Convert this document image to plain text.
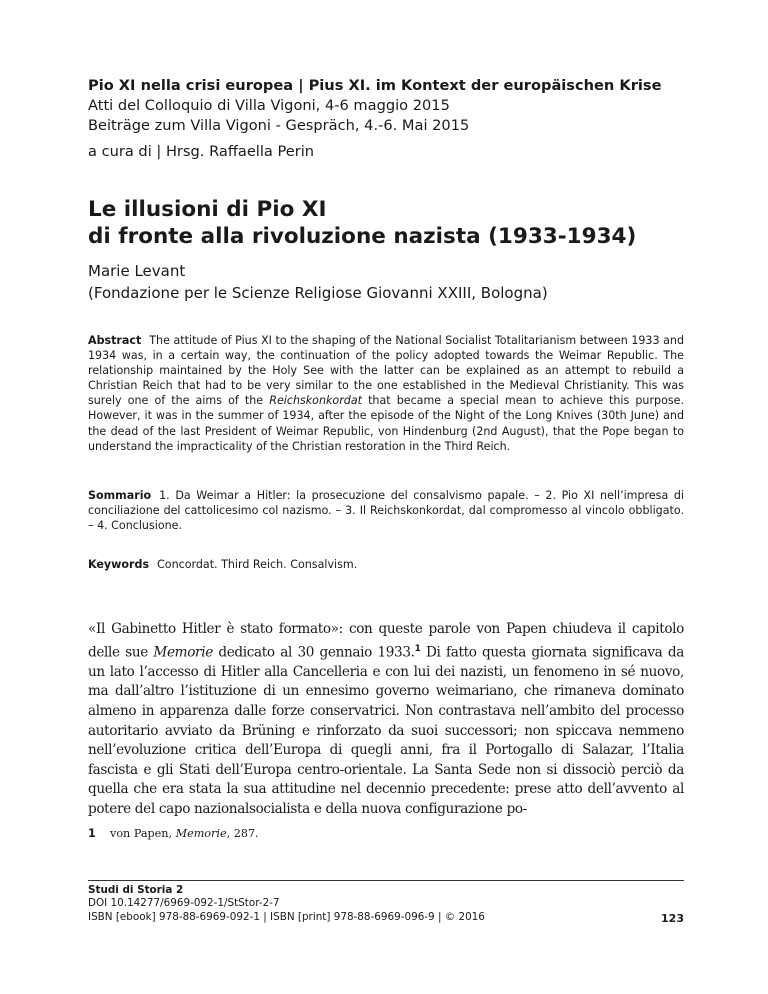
Pio XI nella crisi europea | Pius XI. im Kontext der europäischen Krise
Atti del Colloquio di Villa Vigoni, 4-6 maggio 2015
Beiträge zum Villa Vigoni - Gespräch, 4.-6. Mai 2015
a cura di | Hrsg. Raffaella Perin
Le illusioni di Pio XI
di fronte alla rivoluzione nazista (1933-1934)
Marie Levant
(Fondazione per le Scienze Religiose Giovanni XXIII, Bologna)
Abstract The attitude of Pius XI to the shaping of the National Socialist Totalitarianism between 1933 and 1934 was, in a certain way, the continuation of the policy adopted towards the Weimar Republic. The relationship maintained by the Holy See with the latter can be explained as an attempt to rebuild a Christian Reich that had to be very similar to the one established in the Medieval Christianity. This was surely one of the aims of the Reichskonkordat that became a special mean to achieve this purpose. However, it was in the summer of 1934, after the episode of the Night of the Long Knives (30th June) and the dead of the last President of Weimar Republic, von Hindenburg (2nd August), that the Pope began to understand the impracticality of the Christian restoration in the Third Reich.
Sommario 1. Da Weimar a Hitler: la prosecuzione del consalvismo papale. – 2. Pio XI nell’impresa di conciliazione del cattolicesimo col nazismo. – 3. Il Reichskonkordat, dal compromesso al vincolo obbligato. – 4. Conclusione.
Keywords Concordat. Third Reich. Consalvism.
«Il Gabinetto Hitler è stato formato»: con queste parole von Papen chiudeva il capitolo delle sue Memorie dedicato al 30 gennaio 1933.$^1$ Di fatto questa giornata significava da un lato l’accesso di Hitler alla Cancelleria e con lui dei nazisti, un fenomeno in sé nuovo, ma dall’altro l’istituzione di un ennesimo governo weimariano, che rimaneva dominato almeno in apparenza dalle forze conservatrici. Non contrastava nell’ambito del processo autoritario avviato da Brüning e rinforzato da suoi successori; non spiccava nemmeno nell’evoluzione critica dell’Europa di quegli anni, fra il Portogallo di Salazar, l’Italia fascista e gli Stati dell’Europa centro-orientale. La Santa Sede non si dissociò perciò da quella che era stata la sua attitudine nel decennio precedente: prese atto dell’avvento al potere del capo nazionalsocialista e della nuova configurazione po-
1 von Papen, Memorie, 287.
Studi di Storia 2
DOI 10.14277/6969-092-1/StStor-2-7
ISBN [ebook] 978-88-6969-092-1 | ISBN [print] 978-88-6969-096-9 | © 2016	123
